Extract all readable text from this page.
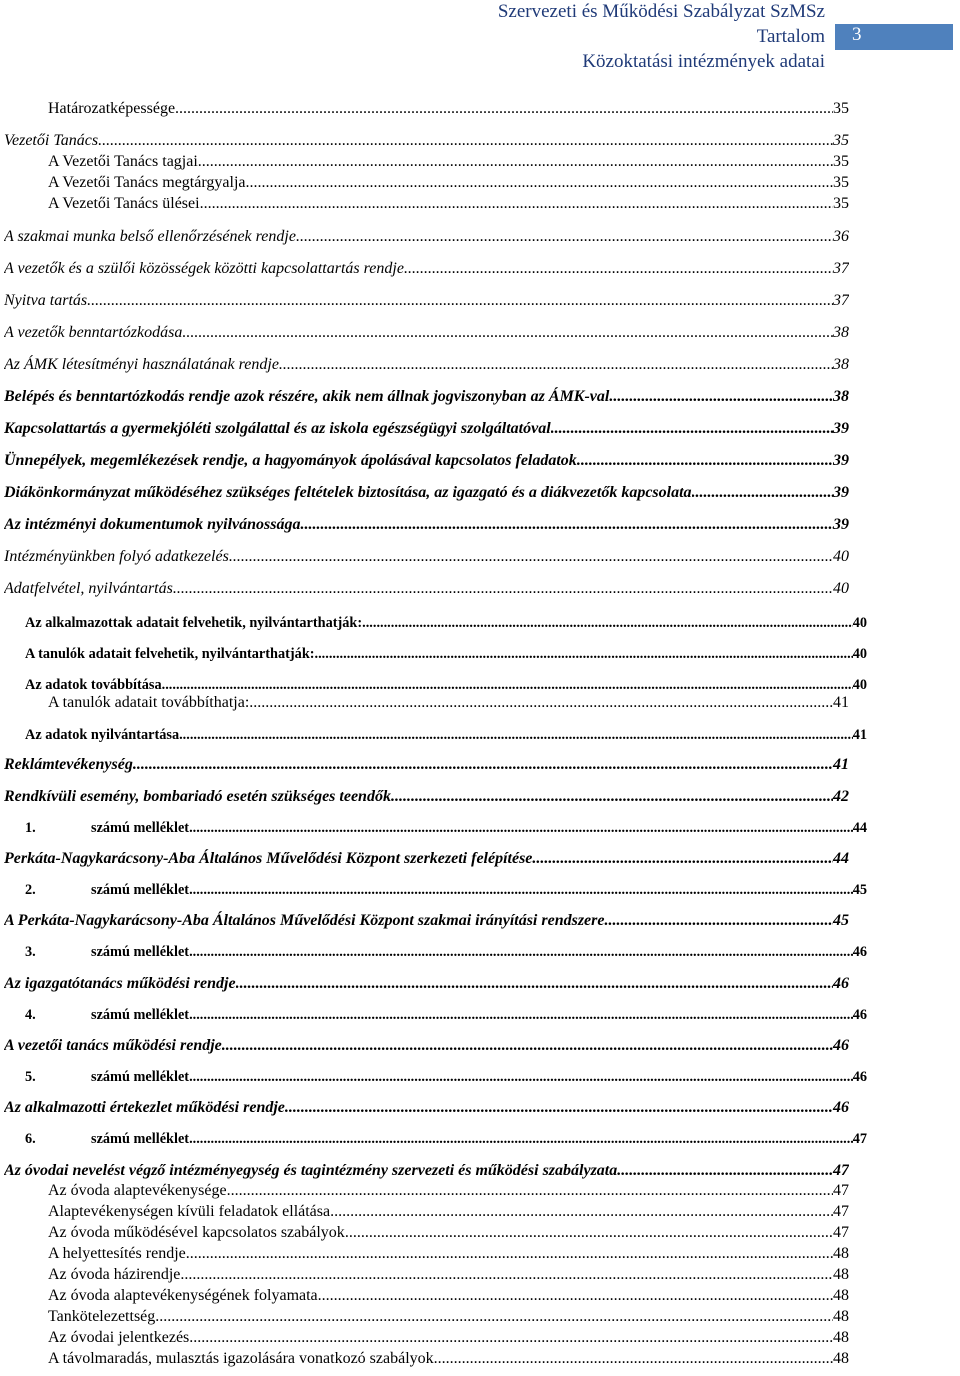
Szervezeti és Működési Szabályzat SzMSz
Tartalom
Közoktatási intézmények adatai
3
Határozatképessége .....	35
Vezetői Tanács .....	35
A Vezetői Tanács tagjai .....	35
A Vezetői Tanács megtárgyalja .....	35
A Vezetői Tanács ülései .....	35
A szakmai munka belső ellenőrzésének rendje .....	36
A vezetők és a szülői közösségek közötti kapcsolattartás rendje .....	37
Nyitva tartás .....	37
A vezetők benntartózkodása .....	38
Az ÁMK létesítményi használatának rendje .....	38
Belépés és benntartózkodás rendje azok részére, akik nem állnak jogviszonyban az ÁMK-val .....	38
Kapcsolattartás a gyermekjóléti szolgálattal és az iskola egészségügyi szolgáltatóval .....	39
Ünnepélyek, megemlékezések rendje, a hagyományok ápolásával kapcsolatos feladatok .....	39
Diákönkormányzat működéséhez szükséges feltételek biztosítása, az igazgató és a diákvezetők kapcsolata .....	39
Az intézményi dokumentumok nyilvánossága .....	39
Intézményünkben folyó adatkezelés .....	40
Adatfelvétel, nyilvántartás .....	40
Az alkalmazottak adatait felvehetik, nyilvántarthatják: .....	40
A tanulók adatait felvehetik, nyilvántarthatják: .....	40
Az adatok továbbítása .....	40
A tanulók adatait továbbíthatja: .....	41
Az adatok nyilvántartása .....	41
Reklámtevékenység .....	41
Rendkívüli esemény, bombariadó esetén szükséges teendők .....	42
1.	számú melléklet .....	44
Perkáta-Nagykarácsony-Aba Általános Művelődési Központ szerkezeti felépítése .....	44
2.	számú melléklet .....	45
A Perkáta-Nagykarácsony-Aba Általános Művelődési Központ szakmai irányítási rendszere .....	45
3.	számú melléklet .....	46
Az igazgatótanács működési rendje .....	46
4.	számú melléklet .....	46
A vezetői tanács működési rendje .....	46
5.	számú melléklet .....	46
Az alkalmazotti értekezlet működési rendje .....	46
6.	számú melléklet .....	47
Az óvodai nevelést végző intézményegység és tagintézmény szervezeti és működési szabályzata .....	47
Az óvoda alaptevékenysége .....	47
Alaptevékenységen kívüli feladatok ellátása .....	47
Az óvoda működésével kapcsolatos szabályok .....	47
A helyettesítés rendje .....	48
Az óvoda házirendje .....	48
Az óvoda alaptevékenységének folyamata .....	48
Tankötelezettség .....	48
Az óvodai jelentkezés .....	48
A távolmaradás, mulasztás igazolására vonatkozó szabályok .....	48
